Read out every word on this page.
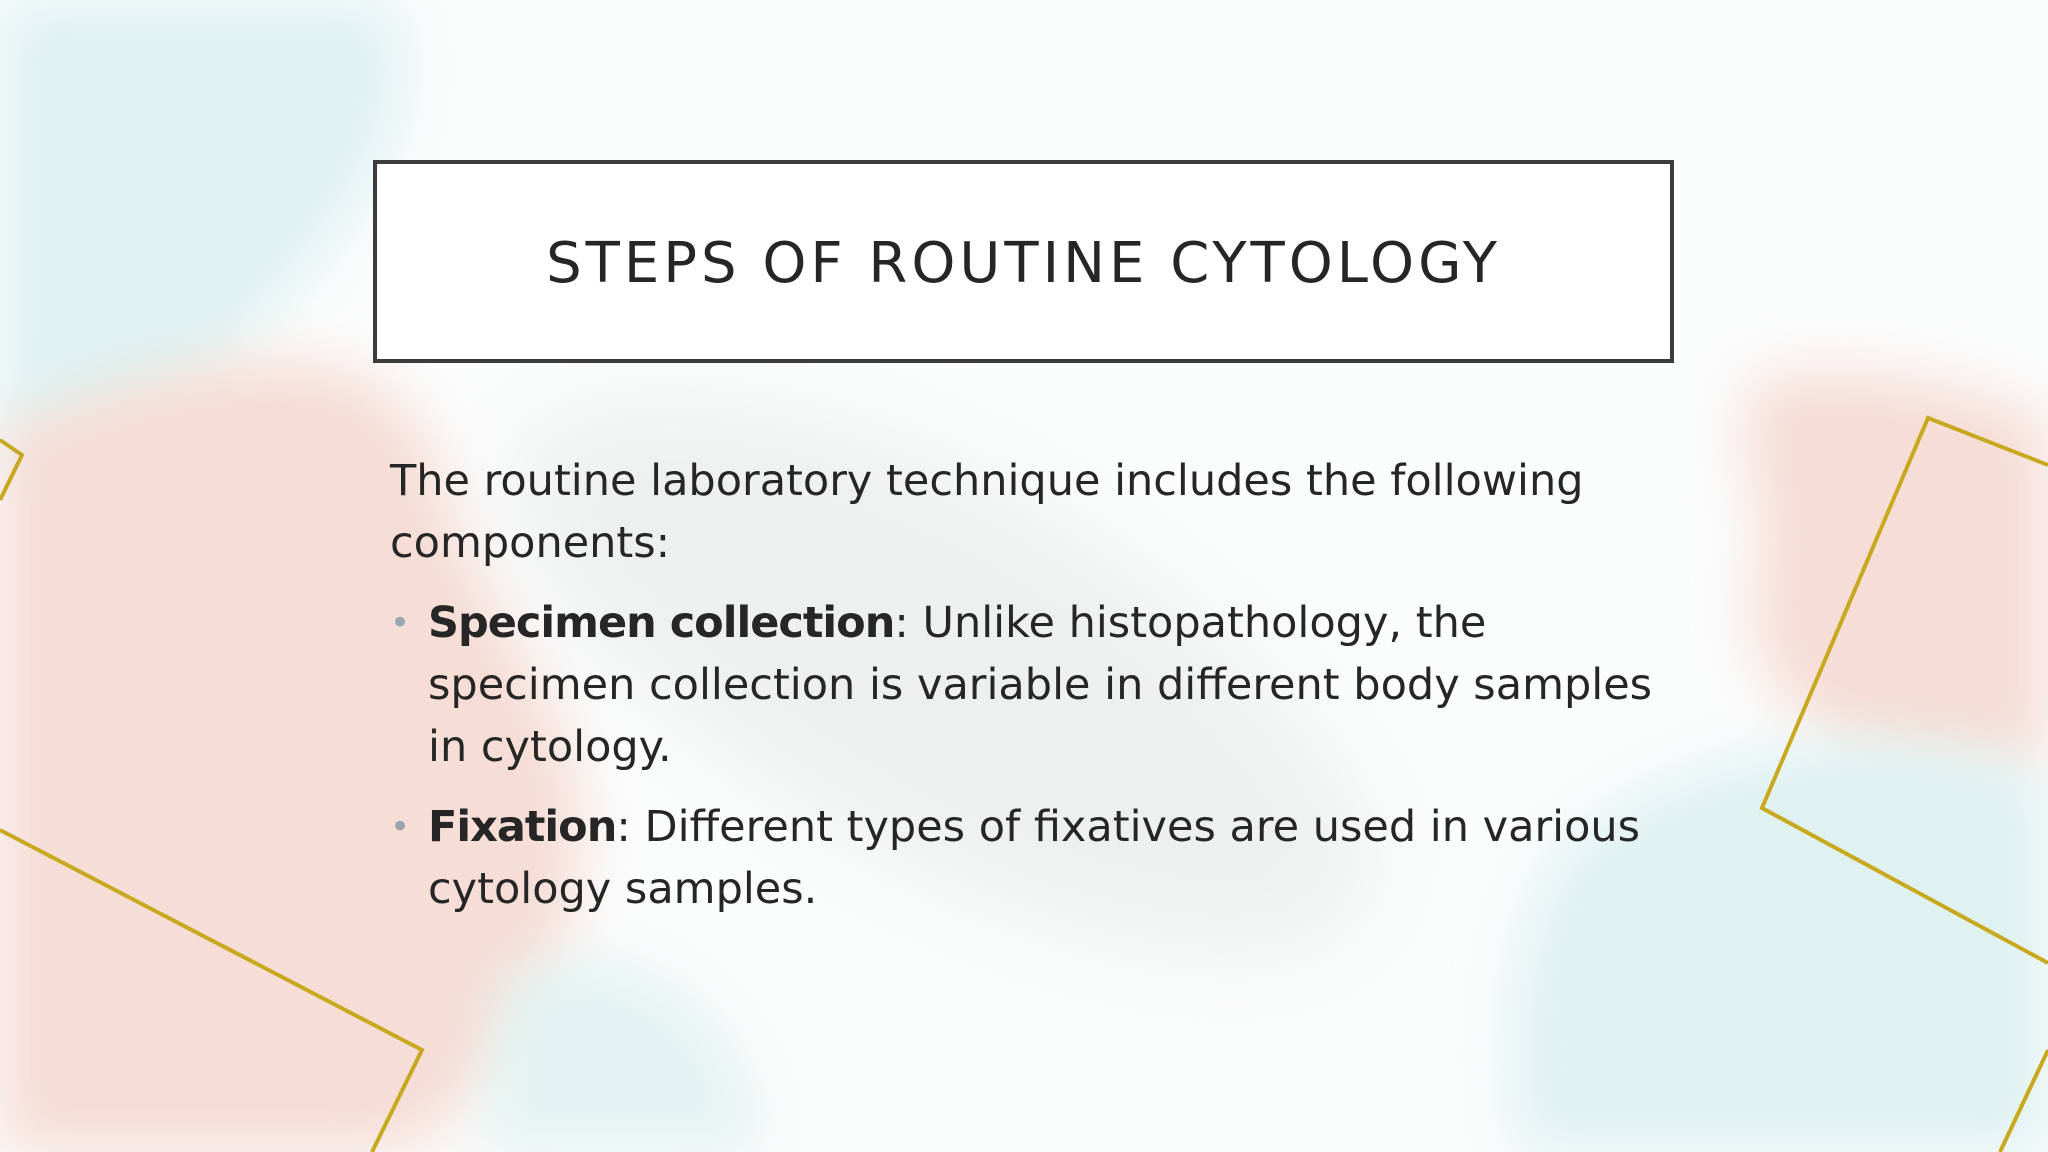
STEPS OF ROUTINE CYTOLOGY

The routine laboratory technique includes the following components:

• Specimen collection: Unlike histopathology, the specimen collection is variable in different body samples in cytology.
• Fixation: Different types of fixatives are used in various cytology samples.
